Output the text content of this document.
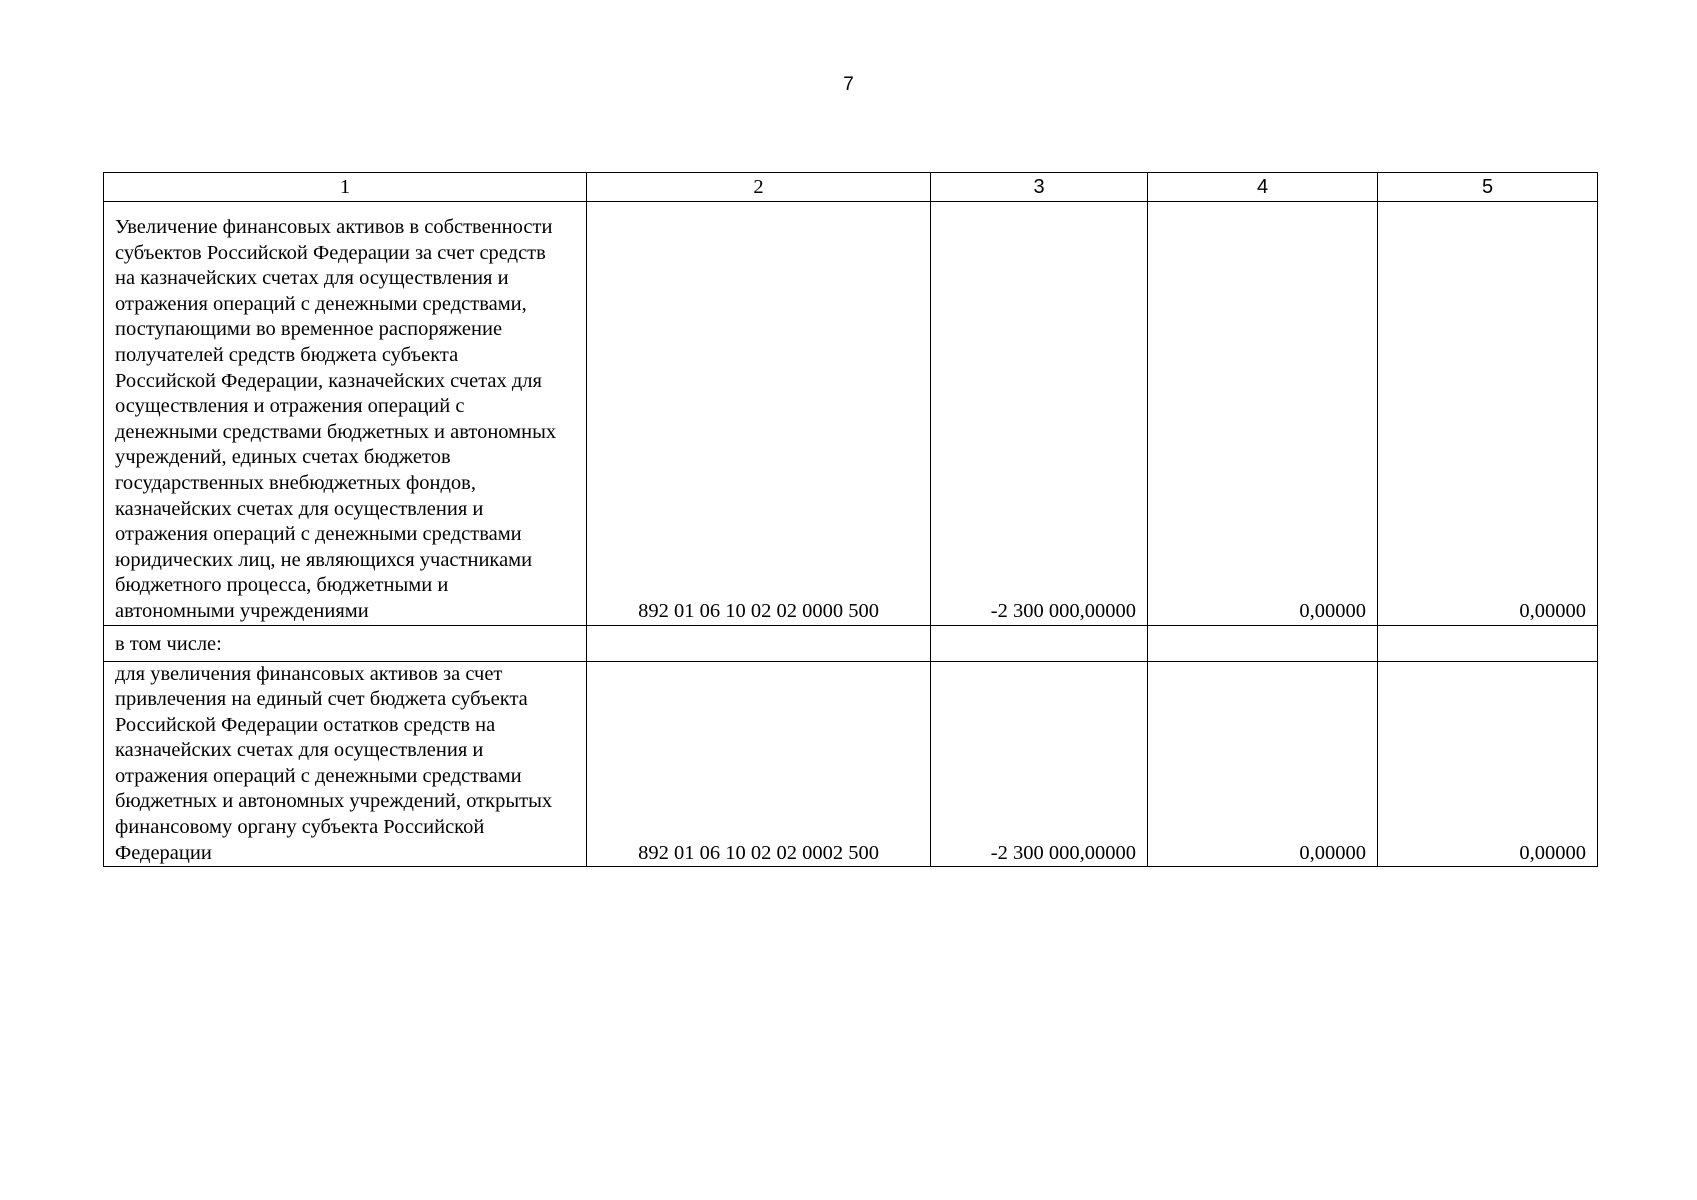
7
1	2	3	4	5

Увеличение финансовых активов в собственности субъектов Российской Федерации за счет средств на казначейских счетах для осуществления и отражения операций с денежными средствами, поступающими во временное распоряжение получателей средств бюджета субъекта Российской Федерации, казначейских счетах для осуществления и отражения операций с денежными средствами бюджетных и автономных учреждений, единых счетах бюджетов государственных внебюджетных фондов, казначейских счетах для осуществления и отражения операций с денежными средствами юридических лиц, не являющихся участниками бюджетного процесса, бюджетными и автономными учреждениями	892 01 06 10 02 02 0000 500	-2 300 000,00000	0,00000	0,00000
в том числе:				

для увеличения финансовых активов за счет привлечения на единый счет бюджета субъекта Российской Федерации остатков средств на казначейских счетах для осуществления и отражения операций с денежными средствами бюджетных и автономных учреждений, открытых финансовому органу субъекта Российской Федерации	892 01 06 10 02 02 0002 500	-2 300 000,00000	0,00000	0,00000
